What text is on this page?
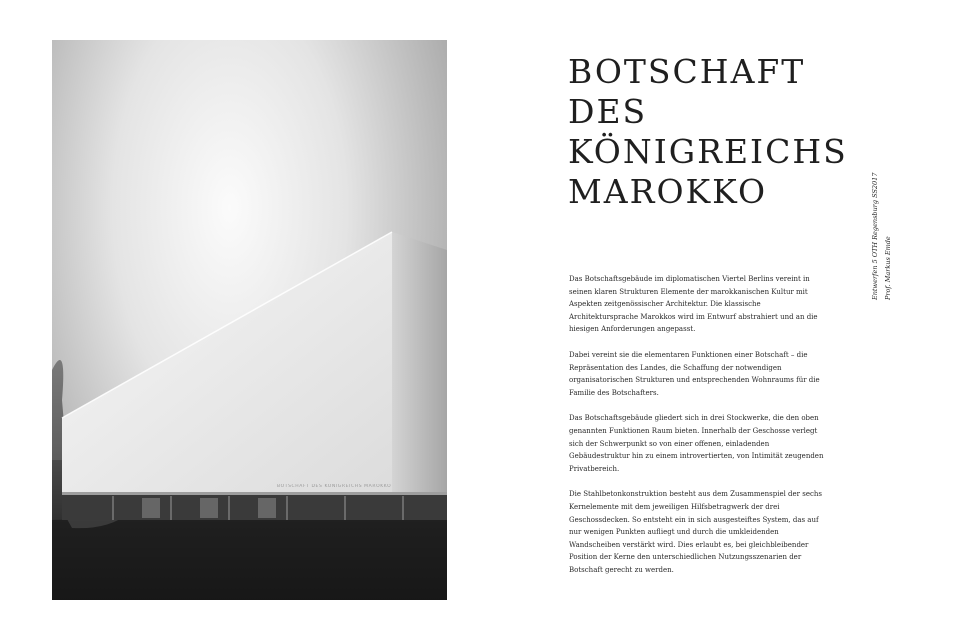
BOTSCHAFT DES KÖNIGREICHS MAROKKO
BOTSCHAFT
DES
KÖNIGREICHS
MAROKKO	Entwerfen 5 OTH Regensburg SS2017 Prof. Markus Emde

Das Botschaftsgebäude im diplomatischen Viertel Berlins vereint in seinen klaren Strukturen Elemente der marokkanischen Kultur mit Aspekten zeitgenössischer Architektur. Die klassische Architektursprache Marokkos wird im Entwurf abstrahiert und an die hiesigen Anforderungen angepasst.

Dabei vereint sie die elementaren Funktionen einer Botschaft – die Repräsentation des Landes, die Schaffung der notwendigen organisatorischen Strukturen und entsprechenden Wohnraums für die Familie des Botschafters.

Das Botschaftsgebäude gliedert sich in drei Stockwerke, die den oben genannten Funktionen Raum bieten. Innerhalb der Geschosse verlegt sich der Schwerpunkt so von einer offenen, einladenden Gebäudestruktur hin zu einem introvertierten, von Intimität zeugenden Privatbereich.

Die Stahlbetonkonstruktion besteht aus dem Zusammenspiel der sechs Kernelemente mit dem jeweiligen Hilfsbetragwerk der drei Geschossdecken. So entsteht ein in sich ausgesteiftes System, das auf nur wenigen Punkten aufliegt und durch die umkleidenden Wandscheiben verstärkt wird. Dies erlaubt es, bei gleichbleibender Position der Kerne den unterschiedlichen Nutzungsszenarien der Botschaft gerecht zu werden.
